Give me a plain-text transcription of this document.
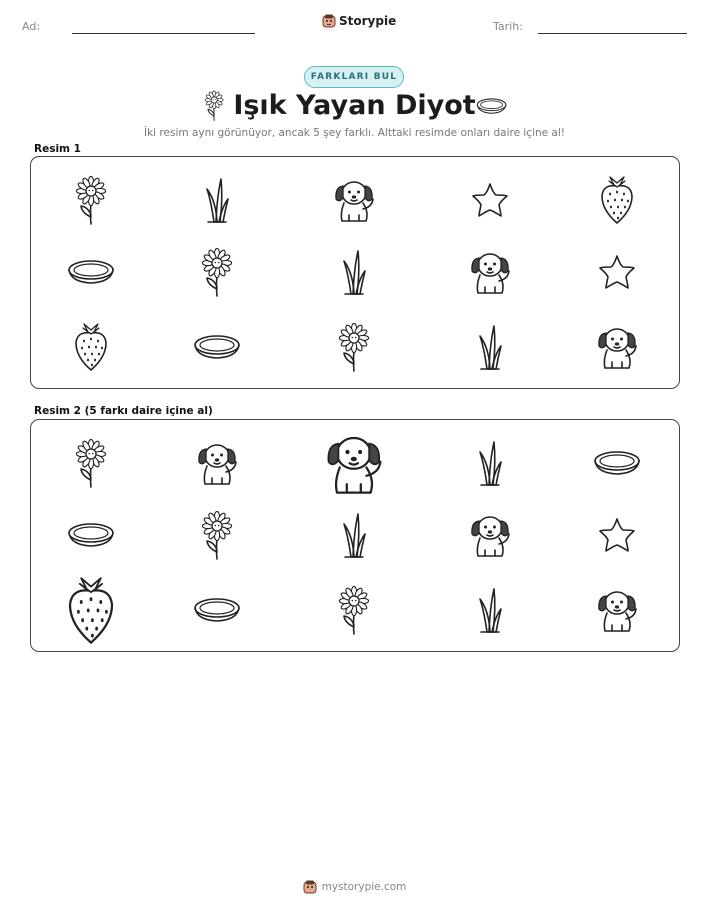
Ad:	Storypie	Tarih:
FARKLARI BUL
Işık Yayan Diyot
İki resim aynı görünüyor, ancak 5 şey farklı. Alttaki resimde onları daire içine al!
Resim 1
Resim 2 (5 farkı daire içine al)
mystorypie.com
